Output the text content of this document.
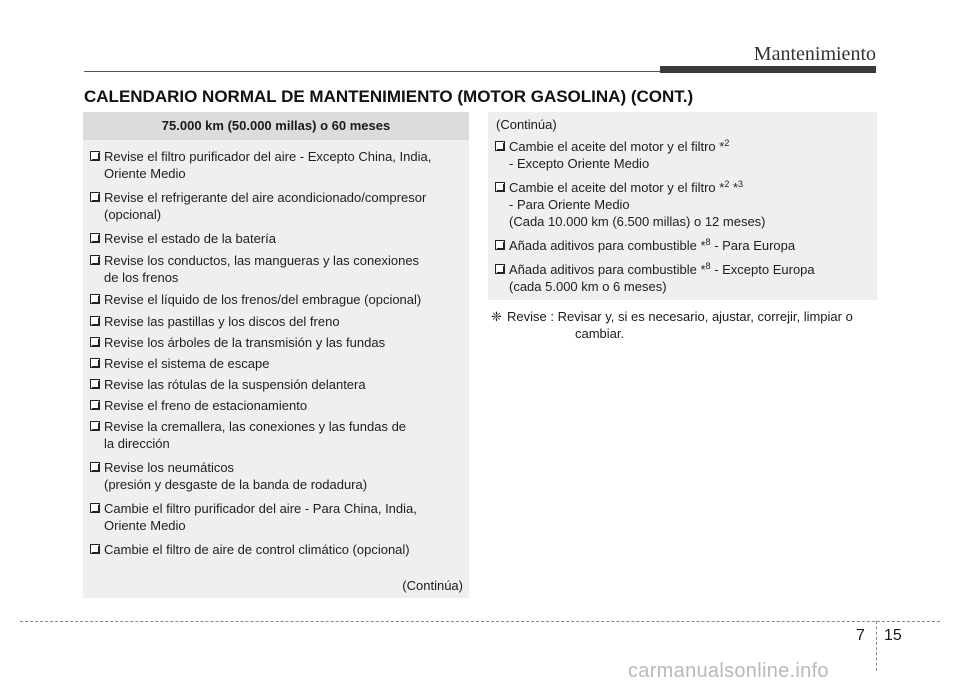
Mantenimiento
CALENDARIO NORMAL DE MANTENIMIENTO (MOTOR GASOLINA) (CONT.)
75.000 km (50.000 millas) o 60 meses
Revise el filtro purificador del aire - Excepto China, India,
Oriente Medio
Revise el refrigerante del aire acondicionado/compresor
(opcional)
Revise el estado de la batería
Revise los conductos, las mangueras y las conexiones
de los frenos
Revise el líquido de los frenos/del embrague (opcional)
Revise las pastillas y los discos del freno
Revise los árboles de la transmisión y las fundas
Revise el sistema de escape
Revise las rótulas de la suspensión delantera
Revise el freno de estacionamiento
Revise la cremallera, las conexiones y las fundas de
la dirección
Revise los neumáticos
(presión y desgaste de la banda de rodadura)
Cambie el filtro purificador del aire - Para China, India,
Oriente Medio
Cambie el filtro de aire de control climático (opcional)
(Continúa)
(Continúa)
Cambie el aceite del motor y el filtro *$^2$
- Excepto Oriente Medio
Cambie el aceite del motor y el filtro *$^2$ *$^3$
- Para Oriente Medio
(Cada 10.000 km (6.500 millas) o 12 meses)
Añada aditivos para combustible *$^8$ - Para Europa
Añada aditivos para combustible *$^8$ - Excepto Europa
(cada 5.000 km o 6 meses)
❈ Revise : Revisar y, si es necesario, ajustar, correjir, limpiar o
cambiar.
7 15
carmanualsonline.info
